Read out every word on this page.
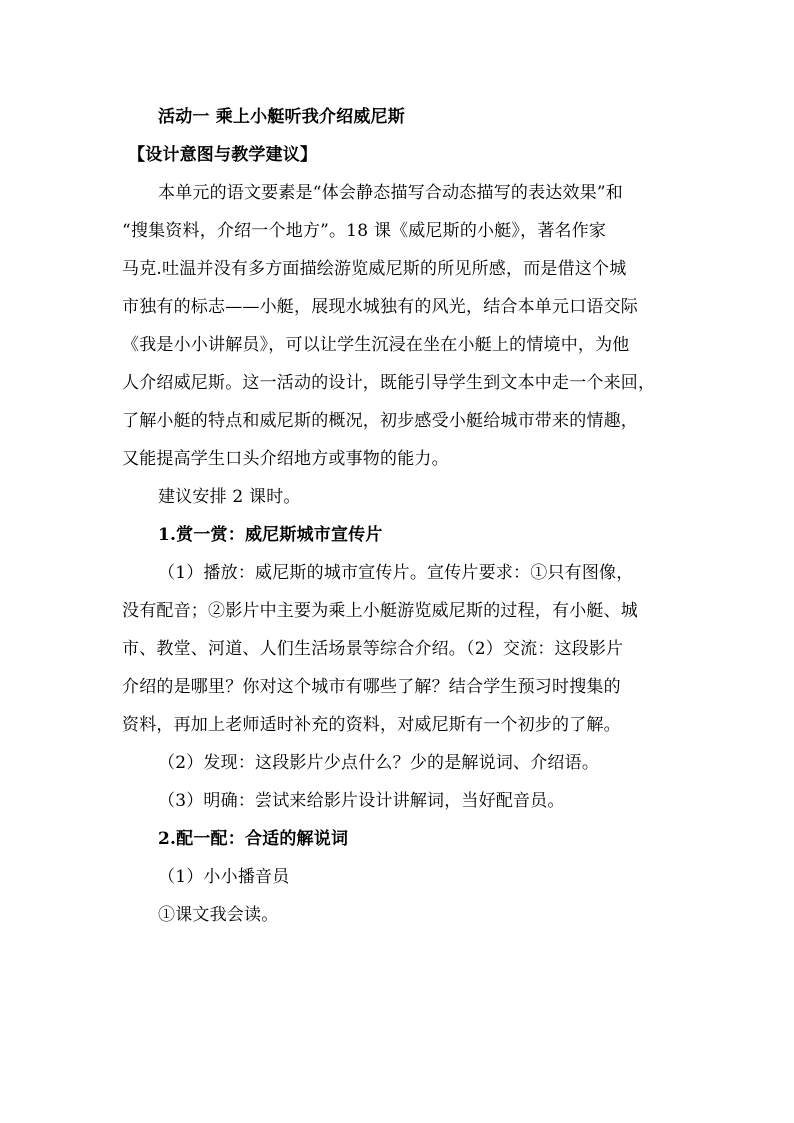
活动一 乘上小艇听我介绍威尼斯
【设计意图与教学建议】
本单元的语文要素是“体会静态描写合动态描写的表达效果”和
“搜集资料，介绍一个地方”。18 课《威尼斯的小艇》，著名作家
马克.吐温并没有多方面描绘游览威尼斯的所见所感，而是借这个城
市独有的标志——小艇，展现水城独有的风光，结合本单元口语交际
《我是小小讲解员》，可以让学生沉浸在坐在小艇上的情境中，为他
人介绍威尼斯。这一活动的设计，既能引导学生到文本中走一个来回，
了解小艇的特点和威尼斯的概况，初步感受小艇给城市带来的情趣，
又能提高学生口头介绍地方或事物的能力。
建议安排 2 课时。
1.赏一赏：威尼斯城市宣传片
（1）播放：威尼斯的城市宣传片。宣传片要求：①只有图像，
没有配音；②影片中主要为乘上小艇游览威尼斯的过程，有小艇、城
市、教堂、河道、人们生活场景等综合介绍。（2）交流：这段影片
介绍的是哪里？你对这个城市有哪些了解？结合学生预习时搜集的
资料，再加上老师适时补充的资料，对威尼斯有一个初步的了解。
（2）发现：这段影片少点什么？少的是解说词、介绍语。
（3）明确：尝试来给影片设计讲解词，当好配音员。
2.配一配：合适的解说词
（1）小小播音员
①课文我会读。
